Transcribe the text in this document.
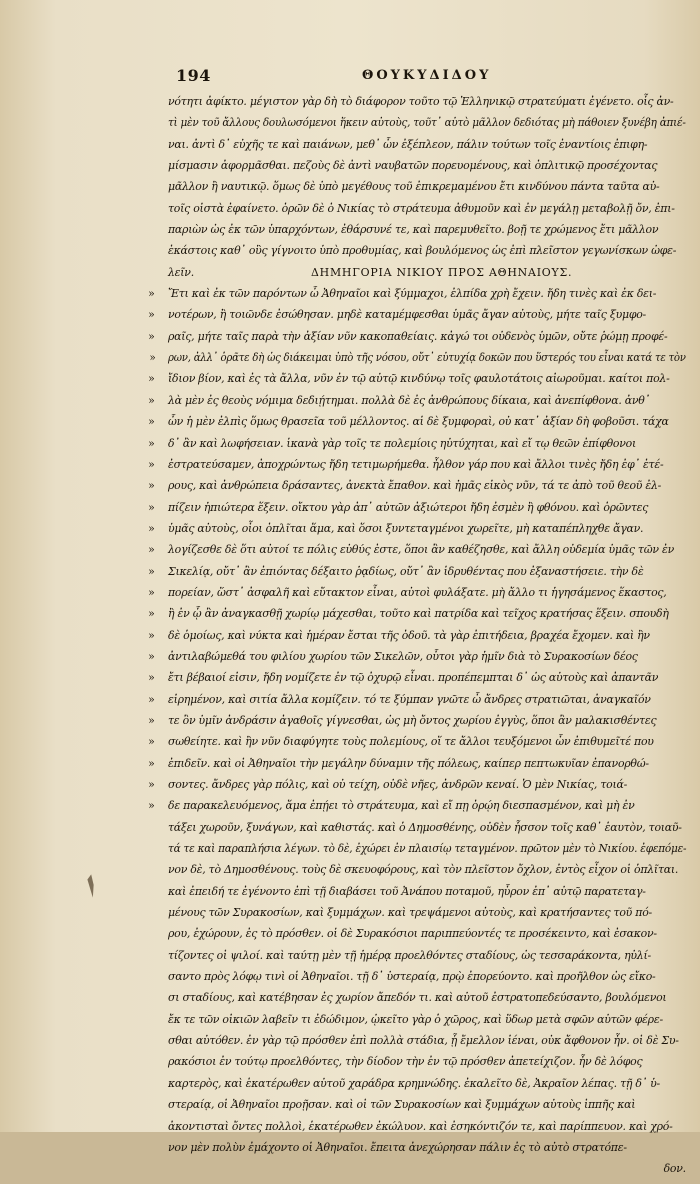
194	ΘΟΥΚΥΔΙΔΟΥ
νότητι ἀφίκτο. μέγιστον γὰρ δὴ τὸ διάφορον τοῦτο τῷ Ἑλληνικῷ στρατεύματι ἐγένετο. οἷς ἀν-
τὶ μὲν τοῦ ἄλλους δουλωσόμενοι ἥκειν αὐτοὺς, τοῦτ᾽ αὐτὸ μᾶλλον δεδιότας μὴ πάθοιεν ξυνέβη ἀπιέ-
ναι. ἀντὶ δ᾽ εὐχῆς τε καὶ παιάνων, μεθ᾽ ὧν ἐξέπλεον, πάλιν τούτων τοῖς ἐναντίοις ἐπιφη-
μίσμασιν ἀφορμᾶσθαι. πεζοὺς δὲ ἀντὶ ναυβατῶν πορευομένους, καὶ ὁπλιτικῷ προσέχοντας
μᾶλλον ἢ ναυτικῷ. ὅμως δὲ ὑπὸ μεγέθους τοῦ ἐπικρεμαμένου ἔτι κινδύνου πάντα ταῦτα αὐ-
τοῖς οἰστὰ ἐφαίνετο. ὁρῶν δὲ ὁ Νικίας τὸ στράτευμα ἀθυμοῦν καὶ ἐν μεγάλῃ μεταβολῇ ὄν, ἐπι-
παριὼν ὡς ἐκ τῶν ὑπαρχόντων, ἐθάρσυνέ τε, καὶ παρεμυθεῖτο. βοῇ τε χρώμενος ἔτι μᾶλλον
ἑκάστοις καθ᾽ οὓς γίγνοιτο ὑπὸ προθυμίας, καὶ βουλόμενος ὡς ἐπὶ πλεῖστον γεγωνίσκων ὠφε-
λεῖν.	ΔΗΜΗΓΟΡΙΑ ΝΙΚΙΟΥ ΠΡΟΣ ΑΘΗΝΑΙΟΥΣ.
» Ἔτι καὶ ἐκ τῶν παρόντων ὦ Ἀθηναῖοι καὶ ξύμμαχοι, ἐλπίδα χρὴ ἔχειν. ἤδη τινὲς καὶ ἐκ δει-
» νοτέρων, ἢ τοιῶνδε ἐσώθησαν. μηδὲ καταμέμφεσθαι ὑμᾶς ἄγαν αὐτοὺς, μήτε ταῖς ξυμφο-
» ραῖς, μήτε ταῖς παρὰ τὴν ἀξίαν νῦν κακοπαθείαις. κἀγώ τοι οὐδενὸς ὑμῶν, οὔτε ῥώμῃ προφέ-
» ρων, ἀλλ᾽ ὁρᾶτε δὴ ὡς διάκειμαι ὑπὸ τῆς νόσου, οὔτ᾽ εὐτυχίᾳ δοκῶν που ὕστερός του εἶναι κατά τε τὸν
» ἴδιον βίον, καὶ ἐς τὰ ἄλλα, νῦν ἐν τῷ αὐτῷ κινδύνῳ τοῖς φαυλοτάτοις αἰωροῦμαι. καίτοι πολ-
» λὰ μὲν ἐς θεοὺς νόμιμα δεδιῄτημαι. πολλὰ δὲ ἐς ἀνθρώπους δίκαια, καὶ ἀνεπίφθονα. ἀνθ᾽
» ὧν ἡ μὲν ἐλπὶς ὅμως θρασεῖα τοῦ μέλλοντος. αἱ δὲ ξυμφοραὶ, οὐ κατ᾽ ἀξίαν δὴ φοβοῦσι. τάχα
» δ᾽ ἂν καὶ λωφήσειαν. ἱκανὰ γὰρ τοῖς τε πολεμίοις ηὐτύχηται, καὶ εἴ τῳ θεῶν ἐπίφθονοι
» ἐστρατεύσαμεν, ἀποχρώντως ἤδη τετιμωρήμεθα. ἦλθον γάρ που καὶ ἄλλοι τινὲς ἤδη ἐφ᾽ ἑτέ-
» ρους, καὶ ἀνθρώπεια δράσαντες, ἀνεκτὰ ἔπαθον. καὶ ἡμᾶς εἰκὸς νῦν, τά τε ἀπὸ τοῦ θεοῦ ἐλ-
» πίζειν ἠπιώτερα ἕξειν. οἴκτου γὰρ ἀπ᾽ αὐτῶν ἀξιώτεροι ἤδη ἐσμὲν ἢ φθόνου. καὶ ὁρῶντες
» ὑμᾶς αὐτοὺς, οἷοι ὁπλῖται ἅμα, καὶ ὅσοι ξυντεταγμένοι χωρεῖτε, μὴ καταπέπληχθε ἄγαν.
» λογίζεσθε δὲ ὅτι αὐτοί τε πόλις εὐθύς ἐστε, ὅποι ἂν καθέζησθε, καὶ ἄλλη οὐδεμία ὑμᾶς τῶν ἐν
» Σικελίᾳ, οὔτ᾽ ἂν ἐπιόντας δέξαιτο ῥᾳδίως, οὔτ᾽ ἂν ἱδρυθέντας που ἐξαναστήσειε. τὴν δὲ
» πορείαν, ὥστ᾽ ἀσφαλῆ καὶ εὔτακτον εἶναι, αὐτοὶ φυλάξατε. μὴ ἄλλο τι ἡγησάμενος ἕκαστος,
» ἢ ἐν ᾧ ἂν ἀναγκασθῇ χωρίῳ μάχεσθαι, τοῦτο καὶ πατρίδα καὶ τεῖχος κρατήσας ἕξειν. σπουδὴ
» δὲ ὁμοίως, καὶ νύκτα καὶ ἡμέραν ἔσται τῆς ὁδοῦ. τὰ γὰρ ἐπιτήδεια, βραχέα ἔχομεν. καὶ ἢν
» ἀντιλαβώμεθά του φιλίου χωρίου τῶν Σικελῶν, οὗτοι γὰρ ἡμῖν διὰ τὸ Συρακοσίων δέος
» ἔτι βέβαιοί εἰσιν, ἤδη νομίζετε ἐν τῷ ὀχυρῷ εἶναι. προπέπεμπται δ᾽ ὡς αὐτοὺς καὶ ἀπαντᾶν
» εἰρημένον, καὶ σιτία ἄλλα κομίζειν. τό τε ξύμπαν γνῶτε ὦ ἄνδρες στρατιῶται, ἀναγκαῖόν
» τε ὂν ὑμῖν ἀνδράσιν ἀγαθοῖς γίγνεσθαι, ὡς μὴ ὄντος χωρίου ἐγγὺς, ὅποι ἂν μαλακισθέντες
» σωθείητε. καὶ ἢν νῦν διαφύγητε τοὺς πολεμίους, οἵ τε ἄλλοι τευξόμενοι ὧν ἐπιθυμεῖτέ που
» ἐπιδεῖν. καὶ οἱ Ἀθηναῖοι τὴν μεγάλην δύναμιν τῆς πόλεως, καίπερ πεπτωκυῖαν ἐπανορθώ-
» σοντες. ἄνδρες γὰρ πόλις, καὶ οὐ τείχη, οὐδὲ νῆες, ἀνδρῶν κεναί. Ὁ μὲν Νικίας, τοιά-
» δε παρακελευόμενος, ἅμα ἐπῄει τὸ στράτευμα, καὶ εἴ πῃ ὁρῴη διεσπασμένον, καὶ μὴ ἐν
τάξει χωροῦν, ξυνάγων, καὶ καθιστάς. καὶ ὁ Δημοσθένης, οὐδὲν ἧσσον τοῖς καθ᾽ ἑαυτὸν, τοιαῦ-
τά τε καὶ παραπλήσια λέγων. τὸ δὲ, ἐχώρει ἐν πλαισίῳ τεταγμένον. πρῶτον μὲν τὸ Νικίου. ἐφεπόμε-
νον δὲ, τὸ Δημοσθένους. τοὺς δὲ σκευοφόρους, καὶ τὸν πλεῖστον ὄχλον, ἐντὸς εἶχον οἱ ὁπλῖται.
καὶ ἐπειδή τε ἐγένοντο ἐπὶ τῇ διαβάσει τοῦ Ἀνάπου ποταμοῦ, ηὗρον ἐπ᾽ αὐτῷ παρατεταγ-
μένους τῶν Συρακοσίων, καὶ ξυμμάχων. καὶ τρεψάμενοι αὐτοὺς, καὶ κρατήσαντες τοῦ πό-
ρου, ἐχώρουν, ἐς τὸ πρόσθεν. οἱ δὲ Συρακόσιοι παριππεύοντές τε προσέκειντο, καὶ ἐσακον-
τίζοντες οἱ ψιλοί. καὶ ταύτῃ μὲν τῇ ἡμέρᾳ προελθόντες σταδίους, ὡς τεσσαράκοντα, ηὐλί-
σαντο πρὸς λόφῳ τινὶ οἱ Ἀθηναῖοι. τῇ δ᾽ ὑστεραίᾳ, πρῲ ἐπορεύοντο. καὶ προῆλθον ὡς εἴκο-
σι σταδίους, καὶ κατέβησαν ἐς χωρίον ἄπεδόν τι. καὶ αὐτοῦ ἐστρατοπεδεύσαντο, βουλόμενοι
ἔκ τε τῶν οἰκιῶν λαβεῖν τι ἐδώδιμον, ᾠκεῖτο γὰρ ὁ χῶρος, καὶ ὕδωρ μετὰ σφῶν αὐτῶν φέρε-
σθαι αὐτόθεν. ἐν γὰρ τῷ πρόσθεν ἐπὶ πολλὰ στάδια, ᾗ ἔμελλον ἰέναι, οὐκ ἄφθονον ἦν. οἱ δὲ Συ-
ρακόσιοι ἐν τούτῳ προελθόντες, τὴν δίοδον τὴν ἐν τῷ πρόσθεν ἀπετείχιζον. ἦν δὲ λόφος
καρτερὸς, καὶ ἑκατέρωθεν αὐτοῦ χαράδρα κρημνώδης. ἐκαλεῖτο δὲ, Ἀκραῖον λέπας. τῇ δ᾽ ὑ-
στεραίᾳ, οἱ Ἀθηναῖοι προῇσαν. καὶ οἱ τῶν Συρακοσίων καὶ ξυμμάχων αὐτοὺς ἱππῆς καὶ
ἀκοντισταὶ ὄντες πολλοὶ, ἑκατέρωθεν ἐκώλυον. καὶ ἐσηκόντιζόν τε, καὶ παρίππευον. καὶ χρό-
νον μὲν πολὺν ἐμάχοντο οἱ Ἀθηναῖοι. ἔπειτα ἀνεχώρησαν πάλιν ἐς τὸ αὐτὸ στρατόπε-
δον.
